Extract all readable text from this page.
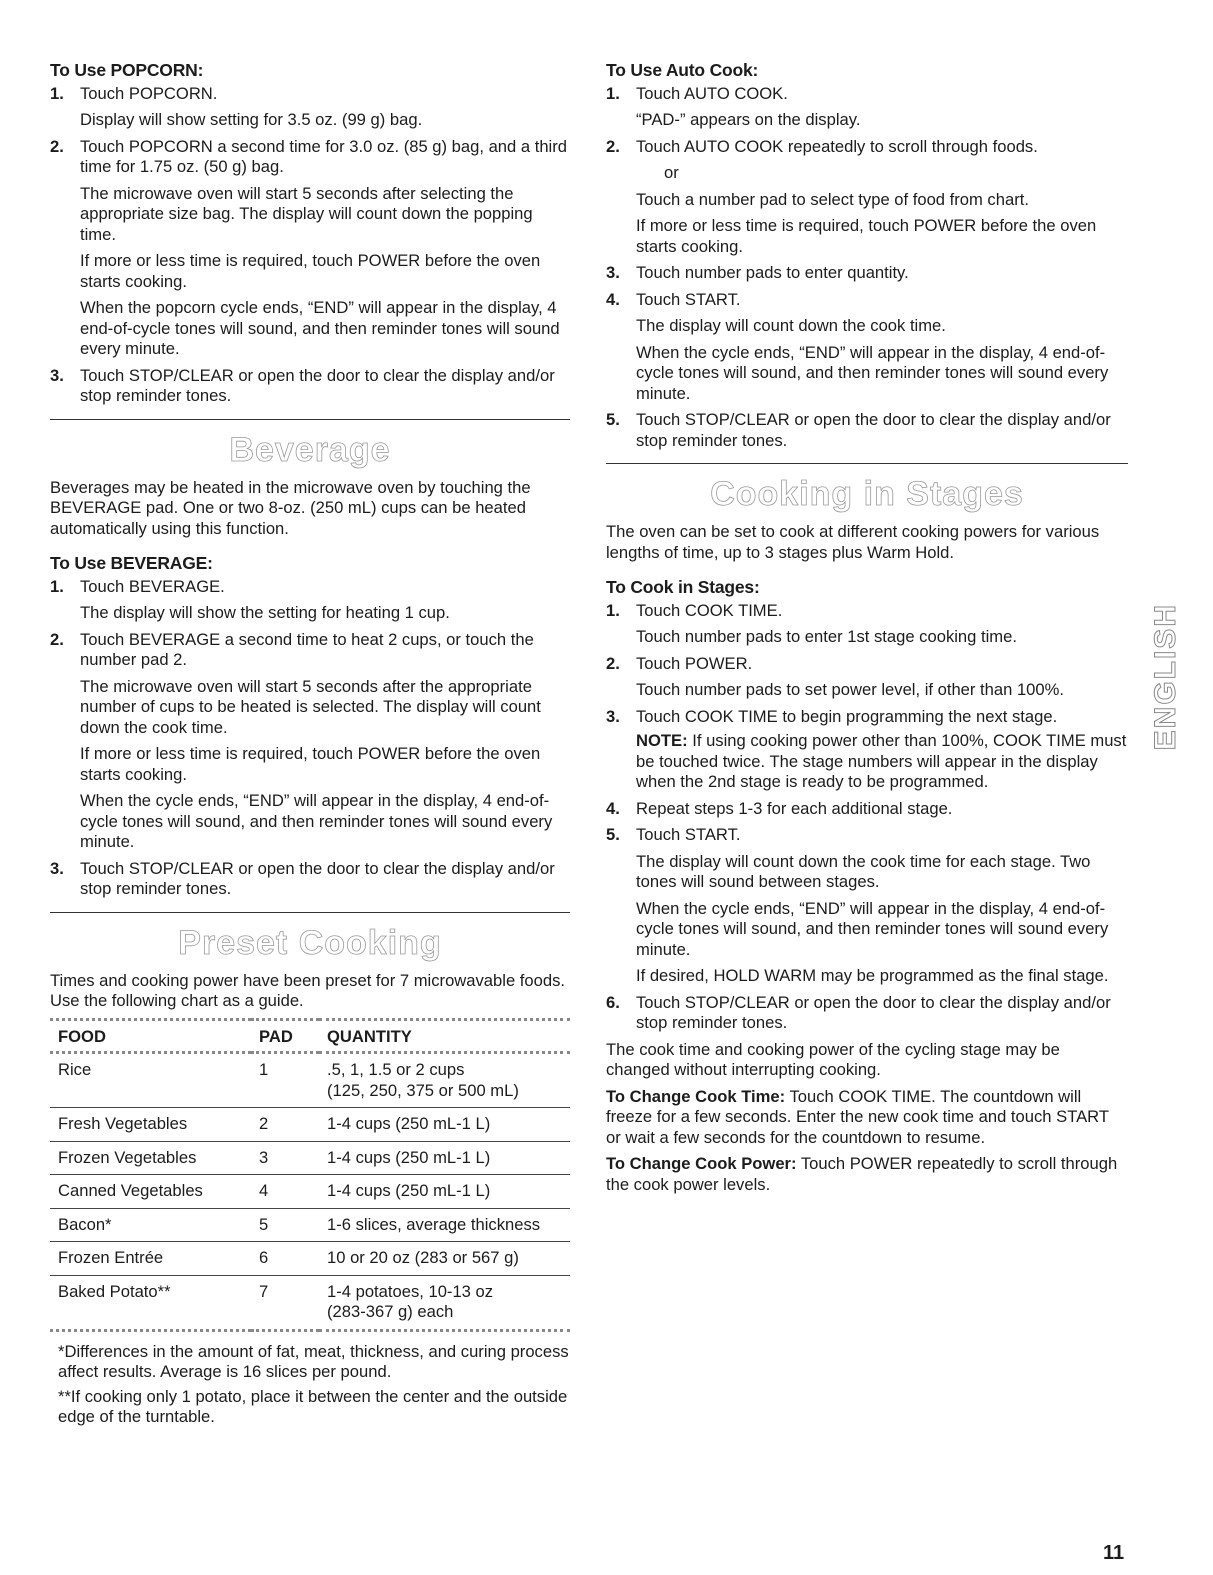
To Use POPCORN:
1. Touch POPCORN.

Display will show setting for 3.5 oz. (99 g) bag.

2. Touch POPCORN a second time for 3.0 oz. (85 g) bag, and a third time for 1.75 oz. (50 g) bag.

The microwave oven will start 5 seconds after selecting the appropriate size bag. The display will count down the popping time.

If more or less time is required, touch POWER before the oven starts cooking.

When the popcorn cycle ends, “END” will appear in the display, 4 end-of-cycle tones will sound, and then reminder tones will sound every minute.

3. Touch STOP/CLEAR or open the door to clear the display and/or stop reminder tones.

Beverage

Beverages may be heated in the microwave oven by touching the BEVERAGE pad. One or two 8-oz. (250 mL) cups can be heated automatically using this function.

To Use BEVERAGE:
1. Touch BEVERAGE.

The display will show the setting for heating 1 cup.

2. Touch BEVERAGE a second time to heat 2 cups, or touch the number pad 2.

The microwave oven will start 5 seconds after the appropriate number of cups to be heated is selected. The display will count down the cook time.

If more or less time is required, touch POWER before the oven starts cooking.

When the cycle ends, “END” will appear in the display, 4 end-of-cycle tones will sound, and then reminder tones will sound every minute.

3. Touch STOP/CLEAR or open the door to clear the display and/or stop reminder tones.

Preset Cooking

Times and cooking power have been preset for 7 microwavable foods. Use the following chart as a guide.

FOOD	PAD	QUANTITY
Rice	1	.5, 1, 1.5 or 2 cups
(125, 250, 375 or 500 mL)

Fresh Vegetables	2	1-4 cups (250 mL-1 L)

Frozen Vegetables	3	1-4 cups (250 mL-1 L)

Canned Vegetables	4	1-4 cups (250 mL-1 L)

Bacon*	5	1-6 slices, average thickness

Frozen Entrée	6	10 or 20 oz (283 or 567 g)

Baked Potato**	7	1-4 potatoes, 10-13 oz
(283-367 g) each

*Differences in the amount of fat, meat, thickness, and curing process affect results. Average is 16 slices per pound.

**If cooking only 1 potato, place it between the center and the outside edge of the turntable.

To Use Auto Cook:
1. Touch AUTO COOK.

“PAD-” appears on the display.

2. Touch AUTO COOK repeatedly to scroll through foods.

or

Touch a number pad to select type of food from chart.

If more or less time is required, touch POWER before the oven starts cooking.

3. Touch number pads to enter quantity.

4. Touch START.

The display will count down the cook time.

When the cycle ends, “END” will appear in the display, 4 end-of-cycle tones will sound, and then reminder tones will sound every minute.

5. Touch STOP/CLEAR or open the door to clear the display and/or stop reminder tones.

Cooking in Stages

The oven can be set to cook at different cooking powers for various lengths of time, up to 3 stages plus Warm Hold.

To Cook in Stages:
1. Touch COOK TIME.

Touch number pads to enter 1st stage cooking time.

2. Touch POWER.

Touch number pads to set power level, if other than 100%.

3. Touch COOK TIME to begin programming the next stage.

NOTE: If using cooking power other than 100%, COOK TIME must be touched twice. The stage numbers will appear in the display when the 2nd stage is ready to be programmed.

4. Repeat steps 1-3 for each additional stage.

5. Touch START.

The display will count down the cook time for each stage. Two tones will sound between stages.

When the cycle ends, “END” will appear in the display, 4 end-of-cycle tones will sound, and then reminder tones will sound every minute.

If desired, HOLD WARM may be programmed as the final stage.

6. Touch STOP/CLEAR or open the door to clear the display and/or stop reminder tones.

The cook time and cooking power of the cycling stage may be changed without interrupting cooking.

To Change Cook Time: Touch COOK TIME. The countdown will freeze for a few seconds. Enter the new cook time and touch START or wait a few seconds for the countdown to resume.

To Change Cook Power: Touch POWER repeatedly to scroll through the cook power levels.

ENGLISH
11
